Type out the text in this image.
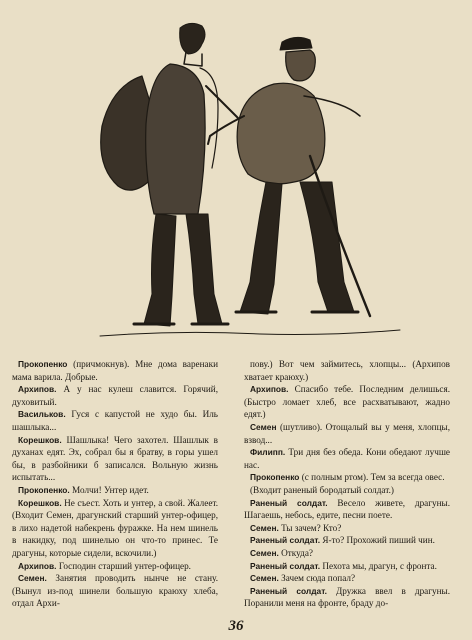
Прокопенко (причмокнув). Мне дома варенаки мама варила. Добрые.

Архипов. А у нас кулеш славится. Горячий, духовитый.

Васильков. Гуся с капустой не худо бы. Иль шашлыка...

Корешков. Шашлыка! Чего захотел. Шашлык в духанах едят. Эх, собрал бы я братву, в горы ушел бы, в разбойники б записался. Вольную жизнь испытать...

Прокопенко. Молчи! Унтер идет.

Корешков. Не съест. Хоть и унтер, а свой. Жалеет. (Входит Семен, драгунский старший унтер-офицер, в лихо надетой набекрень фуражке. На нем шинель в накидку, под шинелью он что-то принес. Те драгуны, которые сидели, вскочили.)

Архипов. Господин старший унтер-офицер.

Семен. Занятия проводить нынче не стану. (Вынул из-под шинели большую краюху хлеба, отдал Архи-

пову.) Вот чем займитесь, хлопцы... (Архипов хватает краюху.)

Архипов. Спасибо тебе. Последним делишься. (Быстро ломает хлеб, все расхватывают, жадно едят.)

Семен (шутливо). Отощалый вы у меня, хлопцы, взвод...

Филипп. Три дня без обеда. Кони обедают лучше нас.

Прокопенко (с полным ртом). Тем за всегда овес.

(Входит раненый бородатый солдат.)

Раненый солдат. Весело живете, драгуны. Шагаешь, небось, едите, песни поете.

Семен. Ты зачем? Кто?

Раненый солдат. Я-то? Прохожий пиший чин.

Семен. Откуда?

Раненый солдат. Пехота мы, драгун, с фронта.

Семен. Зачем сюда попал?

Раненый солдат. Дружка ввел в драгуны. Поранили меня на фронте, браду до-

36
